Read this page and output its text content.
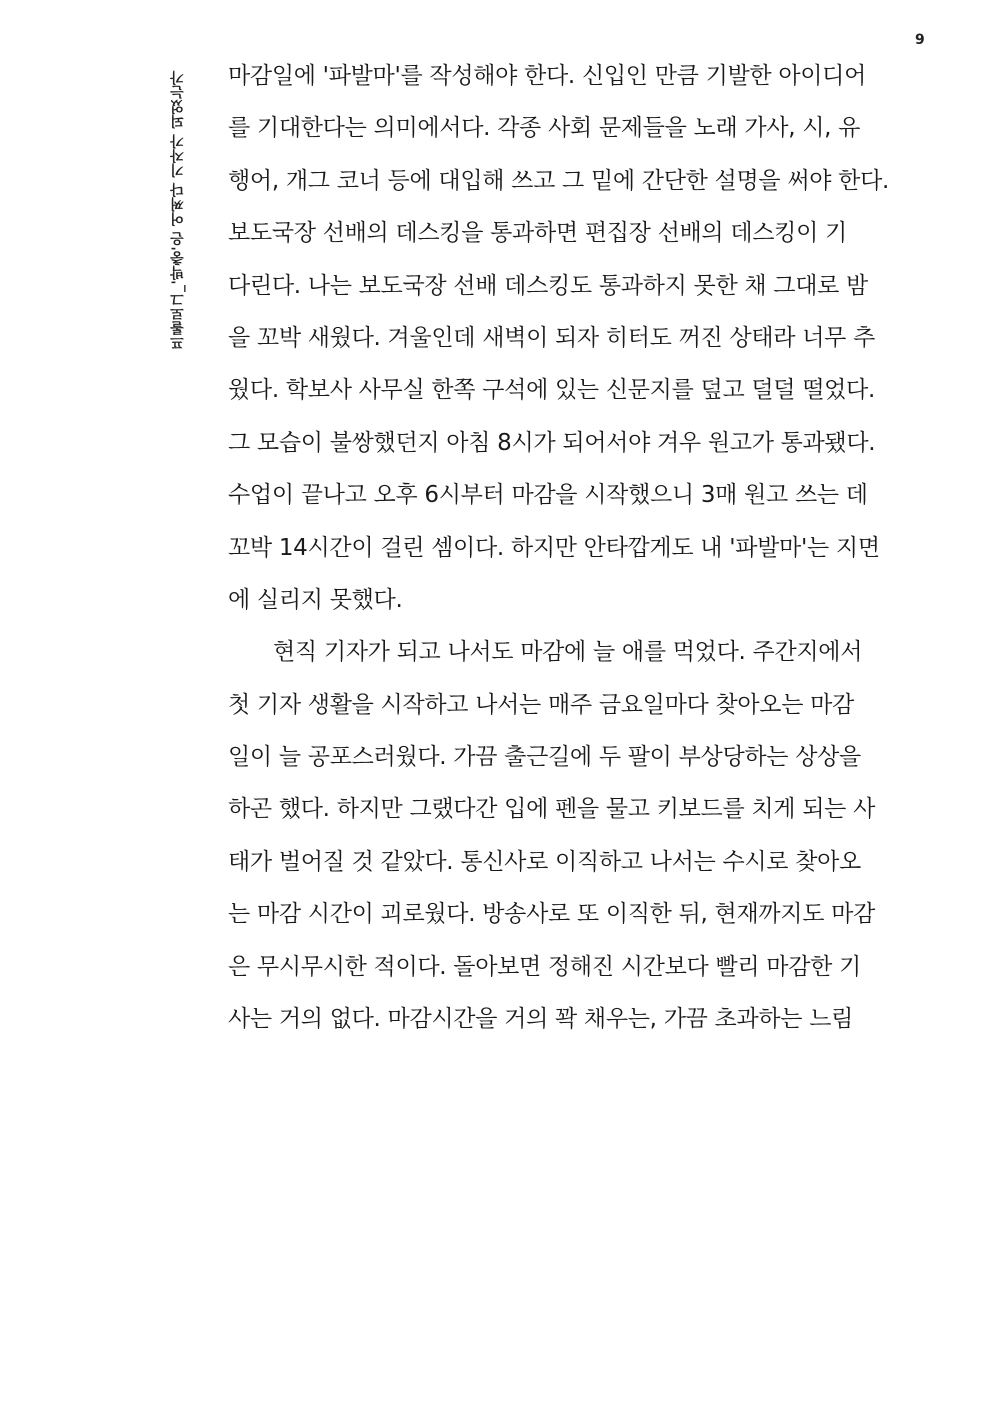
9
프롤로그_'박충'은 어쩌다 기자가 되었는가 마감일에 '파발마'를 작성해야 한다. 신입인 만큼 기발한 아이디어
를 기대한다는 의미에서다. 각종 사회 문제들을 노래 가사, 시, 유
행어, 개그 코너 등에 대입해 쓰고 그 밑에 간단한 설명을 써야 한다.
보도국장 선배의 데스킹을 통과하면 편집장 선배의 데스킹이 기
다린다. 나는 보도국장 선배 데스킹도 통과하지 못한 채 그대로 밤
을 꼬박 새웠다. 겨울인데 새벽이 되자 히터도 꺼진 상태라 너무 추
웠다. 학보사 사무실 한쪽 구석에 있는 신문지를 덮고 덜덜 떨었다.
그 모습이 불쌍했던지 아침 8시가 되어서야 겨우 원고가 통과됐다.
수업이 끝나고 오후 6시부터 마감을 시작했으니 3매 원고 쓰는 데
꼬박 14시간이 걸린 셈이다. 하지만 안타깝게도 내 '파발마'는 지면
에 실리지 못했다.
현직 기자가 되고 나서도 마감에 늘 애를 먹었다. 주간지에서
첫 기자 생활을 시작하고 나서는 매주 금요일마다 찾아오는 마감
일이 늘 공포스러웠다. 가끔 출근길에 두 팔이 부상당하는 상상을
하곤 했다. 하지만 그랬다간 입에 펜을 물고 키보드를 치게 되는 사
태가 벌어질 것 같았다. 통신사로 이직하고 나서는 수시로 찾아오
는 마감 시간이 괴로웠다. 방송사로 또 이직한 뒤, 현재까지도 마감
은 무시무시한 적이다. 돌아보면 정해진 시간보다 빨리 마감한 기
사는 거의 없다. 마감시간을 거의 꽉 채우는, 가끔 초과하는 느림
